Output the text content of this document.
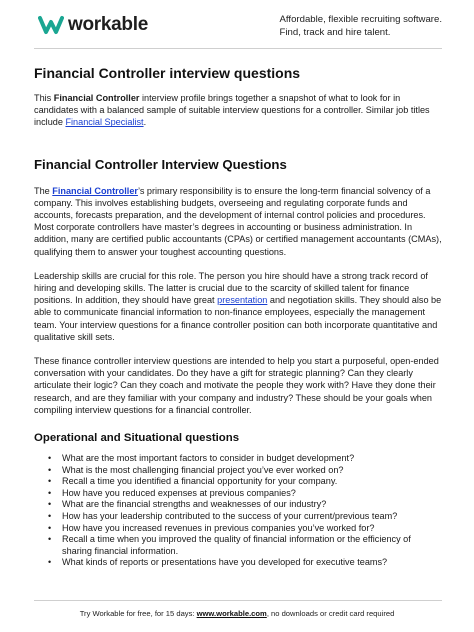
workable	Affordable, flexible recruiting software.
Find, track and hire talent.
Financial Controller interview questions

This Financial Controller interview profile brings together a snapshot of what to look for in candidates with a balanced sample of suitable interview questions for a controller. Similar job titles include Financial Specialist.

Financial Controller Interview Questions

The Financial Controller’s primary responsibility is to ensure the long-term financial solvency of a company. This involves establishing budgets, overseeing and regulating corporate funds and accounts, forecasts preparation, and the development of internal control policies and procedures. Most corporate controllers have master’s degrees in accounting or business administration. In addition, many are certified public accountants (CPAs) or certified management accountants (CMAs), qualifying them to answer your toughest accounting questions.

Leadership skills are crucial for this role. The person you hire should have a strong track record of hiring and developing skills. The latter is crucial due to the scarcity of skilled talent for finance positions. In addition, they should have great presentation and negotiation skills. They should also be able to communicate financial information to non-finance employees, especially the management team. Your interview questions for a finance controller position can both incorporate quantitative and qualitative skill sets.

These finance controller interview questions are intended to help you start a purposeful, open-ended conversation with your candidates. Do they have a gift for strategic planning? Can they clearly articulate their logic? Can they coach and motivate the people they work with? Have they done their research, and are they familiar with your company and industry? These should be your goals when compiling interview questions for a financial controller.

Operational and Situational questions
• What are the most important factors to consider in budget development?
• What is the most challenging financial project you’ve ever worked on?
• Recall a time you identified a financial opportunity for your company.
• How have you reduced expenses at previous companies?
• What are the financial strengths and weaknesses of our industry?
• How has your leadership contributed to the success of your current/previous team?
• How have you increased revenues in previous companies you’ve worked for?
• Recall a time when you improved the quality of financial information or the efficiency of sharing financial information.
• What kinds of reports or presentations have you developed for executive teams?
Try Workable for free, for 15 days: www.workable.com, no downloads or credit card required
